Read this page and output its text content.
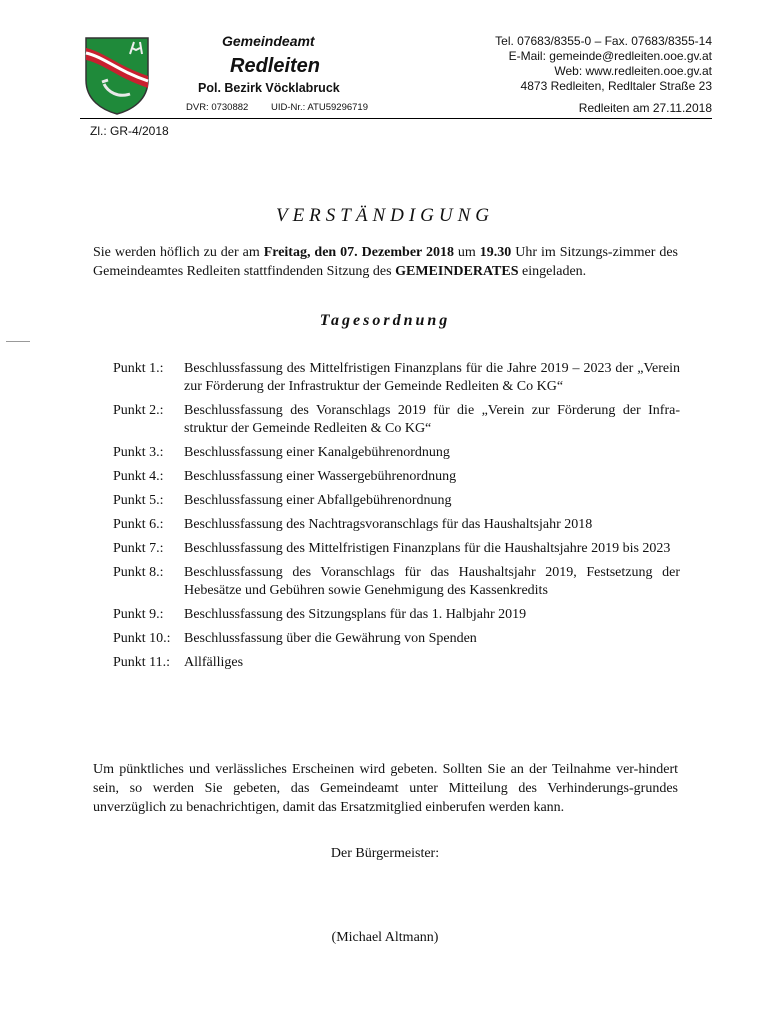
Gemeindeamt
Redleiten
Pol. Bezirk Vöcklabruck
DVR: 0730882 UID-Nr.: ATU59296719
Tel. 07683/8355-0 – Fax. 07683/8355-14
E-Mail: gemeinde@redleiten.ooe.gv.at
Web: www.redleiten.ooe.gv.at
4873 Redleiten, Redltaler Straße 23
Redleiten am 27.11.2018
Zl.: GR-4/2018
VERSTÄNDIGUNG
Sie werden höflich zu der am Freitag, den 07. Dezember 2018 um 19.30 Uhr im Sitzungs-zimmer des Gemeindeamtes Redleiten stattfindenden Sitzung des GEMEINDERATES eingeladen.
Tagesordnung
Punkt 1.:	Beschlussfassung des Mittelfristigen Finanzplans für die Jahre 2019 – 2023 der „Verein zur Förderung der Infrastruktur der Gemeinde Redleiten & Co KG“
Punkt 2.:	Beschlussfassung des Voranschlags 2019 für die „Verein zur Förderung der Infra-struktur der Gemeinde Redleiten & Co KG“
Punkt 3.:	Beschlussfassung einer Kanalgebührenordnung
Punkt 4.:	Beschlussfassung einer Wassergebührenordnung
Punkt 5.:	Beschlussfassung einer Abfallgebührenordnung
Punkt 6.:	Beschlussfassung des Nachtragsvoranschlags für das Haushaltsjahr 2018
Punkt 7.:	Beschlussfassung des Mittelfristigen Finanzplans für die Haushaltsjahre 2019 bis 2023
Punkt 8.:	Beschlussfassung des Voranschlags für das Haushaltsjahr 2019, Festsetzung der Hebesätze und Gebühren sowie Genehmigung des Kassenkredits
Punkt 9.:	Beschlussfassung des Sitzungsplans für das 1. Halbjahr 2019
Punkt 10.: Beschlussfassung über die Gewährung von Spenden
Punkt 11.: Allfälliges
Um pünktliches und verlässliches Erscheinen wird gebeten. Sollten Sie an der Teilnahme ver-hindert sein, so werden Sie gebeten, das Gemeindeamt unter Mitteilung des Verhinderungs-grundes unverzüglich zu benachrichtigen, damit das Ersatzmitglied einberufen werden kann.
Der Bürgermeister:
(Michael Altmann)
